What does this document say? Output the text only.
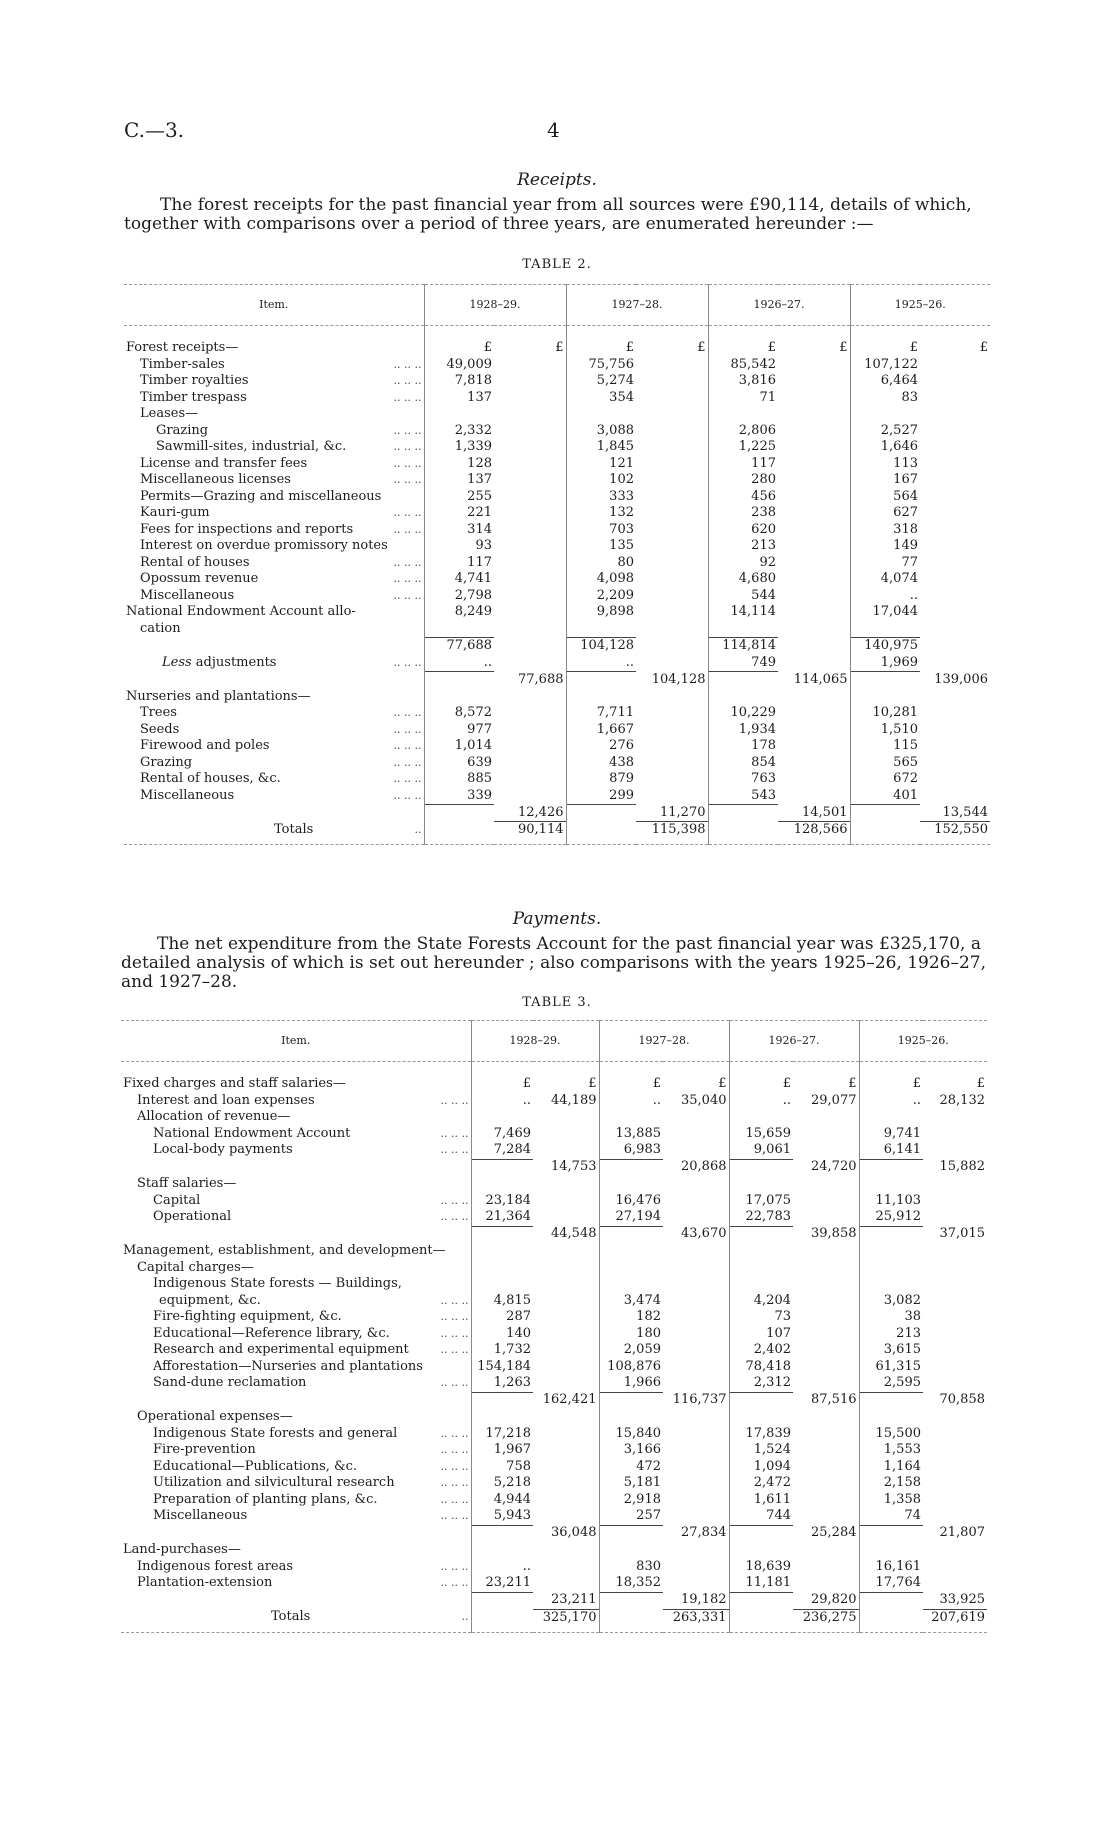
C.—3.	4
Receipts.
The forest receipts for the past financial year from all sources were £90,114, details of which,
together with comparisons over a period of three years, are enumerated hereunder :—
TABLE 2.
Item.	1928–29.		1927–28.		1926–27.		1925–26.	

Forest receipts—	£	£	£	£	£	£	£	£
Timber-sales .. .. ..	49,009		75,756		85,542		107,122	
Timber royalties .. .. ..	7,818		5,274		3,816		6,464	
Timber trespass .. .. ..	137		354		71		83	
Leases—								
Grazing .. .. ..	2,332		3,088		2,806		2,527	
Sawmill-sites, industrial, &c. .. .. ..	1,339		1,845		1,225		1,646	
License and transfer fees .. .. ..	128		121		117		113	
Miscellaneous licenses .. .. ..	137		102		280		167	
Permits—Grazing and miscellaneous	255		333		456		564	
Kauri-gum .. .. ..	221		132		238		627	
Fees for inspections and reports .. .. ..	314		703		620		318	
Interest on overdue promissory notes	93		135		213		149	
Rental of houses .. .. ..	117		80		92		77	
Opossum revenue .. .. ..	4,741		4,098		4,680		4,074	
Miscellaneous .. .. ..	2,798		2,209		544		..	
National Endowment Account allo-	8,249		9,898		14,114		17,044	
cation								
	77,688		104,128		114,814		140,975	
Less adjustments .. .. ..	..		..		749		1,969	
		77,688		104,128		114,065		139,006
Nurseries and plantations—								
Trees .. .. ..	8,572		7,711		10,229		10,281	
Seeds .. .. ..	977		1,667		1,934		1,510	
Firewood and poles .. .. ..	1,014		276		178		115	
Grazing .. .. ..	639		438		854		565	
Rental of houses, &c. .. .. ..	885		879		763		672	
Miscellaneous .. .. ..	339		299		543		401	
		12,426		11,270		14,501		13,544
Totals ..		90,114		115,398		128,566		152,550
Payments.
The net expenditure from the State Forests Account for the past financial year was £325,170, a
detailed analysis of which is set out hereunder ; also comparisons with the years 1925–26, 1926–27,
and 1927–28.
TABLE 3.
Item.	1928–29.		1927–28.		1926–27.		1925–26.	

Fixed charges and staff salaries—	£	£	£	£	£	£	£	£
Interest and loan expenses .. .. ..	..	44,189	..	35,040	..	29,077	..	28,132
Allocation of revenue—								
National Endowment Account .. .. ..	7,469		13,885		15,659		9,741	
Local-body payments .. .. ..	7,284		6,983		9,061		6,141	
		14,753		20,868		24,720		15,882
Staff salaries—								
Capital .. .. ..	23,184		16,476		17,075		11,103	
Operational .. .. ..	21,364		27,194		22,783		25,912	
		44,548		43,670		39,858		37,015
Management, establishment, and development—								
Capital charges—								
Indigenous State forests — Buildings,								
equipment, &c. .. .. ..	4,815		3,474		4,204		3,082	
Fire-fighting equipment, &c. .. .. ..	287		182		73		38	
Educational—Reference library, &c. .. .. ..	140		180		107		213	
Research and experimental equipment .. .. ..	1,732		2,059		2,402		3,615	
Afforestation—Nurseries and plantations	154,184		108,876		78,418		61,315	
Sand-dune reclamation .. .. ..	1,263		1,966		2,312		2,595	
		162,421		116,737		87,516		70,858
Operational expenses—								
Indigenous State forests and general .. .. ..	17,218		15,840		17,839		15,500	
Fire-prevention .. .. ..	1,967		3,166		1,524		1,553	
Educational—Publications, &c. .. .. ..	758		472		1,094		1,164	
Utilization and silvicultural research .. .. ..	5,218		5,181		2,472		2,158	
Preparation of planting plans, &c. .. .. ..	4,944		2,918		1,611		1,358	
Miscellaneous .. .. ..	5,943		257		744		74	
		36,048		27,834		25,284		21,807
Land-purchases—								
Indigenous forest areas .. .. ..	..		830		18,639		16,161	
Plantation-extension .. .. ..	23,211		18,352		11,181		17,764	
		23,211		19,182		29,820		33,925
Totals ..		325,170		263,331		236,275		207,619
